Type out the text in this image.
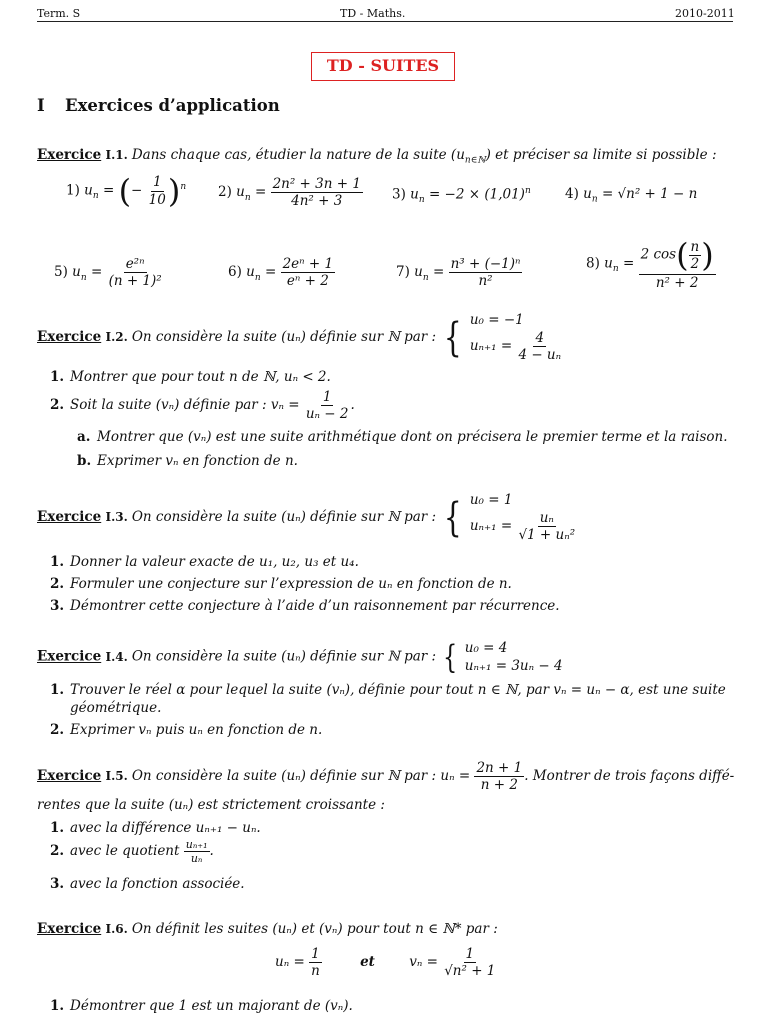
Term. S	TD - Maths.	2010-2011
TD - SUITES
I Exercices d’application
Exercice I.1. Dans chaque cas, étudier la nature de la suite $(u_{n\in ℕ})$ et préciser sa limite si possible :
1) $u_n$ = (− $\frac{1}{10} )^n$ 2) $u_n = \frac{\text{2n² + 3n + 1}}{\text{4n² + 3}} 3$) $u_n = -2 \times (1,01)^n$	4) $u_n = √n^2 + 1 - n$
5) $u_n = \frac{\text{e²ⁿ}}{\text{(n + 1)²}}$	6) $u_n = \frac{\text{2eⁿ + 1}}{\text{eⁿ + 2}}$	7) $u_n = \frac{\text{n³ + (−1)ⁿ}}{\text{n²}}$	8) $u_n = \frac{2 \cos( \frac{n}{2} )}{\text{n² + 2}}$
Exercice I.2. On considère la suite (uₙ) définie sur ℕ par : { u₀ = −1
$u_{n+1} = \frac{4}{\text{4 − uₙ}}$
1. Montrer que pour tout n de ℕ, uₙ < 2.
2. Soit la suite (vₙ) définie par : $v_n = \frac{1}{\text{uₙ − 2}}$ .
a. Montrer que (vₙ) est une suite arithmétique dont on précisera le premier terme et la raison.
b. Exprimer vₙ en fonction de n.
Exercice I.3. On considère la suite (uₙ) définie sur ℕ par : { u₀ = 1
$u_{n+1} = \frac{\text{uₙ}}{\text{√1 + uₙ²}}$
1. Donner la valeur exacte de u₁, u₂, u₃ et u₄.
2. Formuler une conjecture sur l’expression de uₙ en fonction de n.
3. Démontrer cette conjecture à l’aide d’un raisonnement par récurrence.
Exercice I.4. On considère la suite (uₙ) définie sur ℕ par : { u₀ = 4
uₙ₊₁ = 3uₙ − 4
1. Trouver le réel α pour lequel la suite (vₙ), définie pour tout n ∈ ℕ, par vₙ = uₙ − α, est une suite
géométrique.
2. Exprimer vₙ puis uₙ en fonction de n.
Exercice I.5. On considère la suite (uₙ) définie sur ℕ par : $u_n = \frac{2n + 1}{n + 2}$ . Montrer de trois façons diffé-
rentes que la suite (uₙ) est strictement croissante :
1. avec la différence uₙ₊₁ − uₙ.
2. avec le quotient $\frac{\text{uₙ₊₁}}{\text{uₙ}}$ .
3. avec la fonction associée.
Exercice I.6. On définit les suites (uₙ) et (vₙ) pour tout n ∈ ℕ* par :
$u_n = \frac{1}{n}$	et	$v_n = \frac{1}{\text{√n² + 1}}$
1. Démontrer que 1 est un majorant de (vₙ).
